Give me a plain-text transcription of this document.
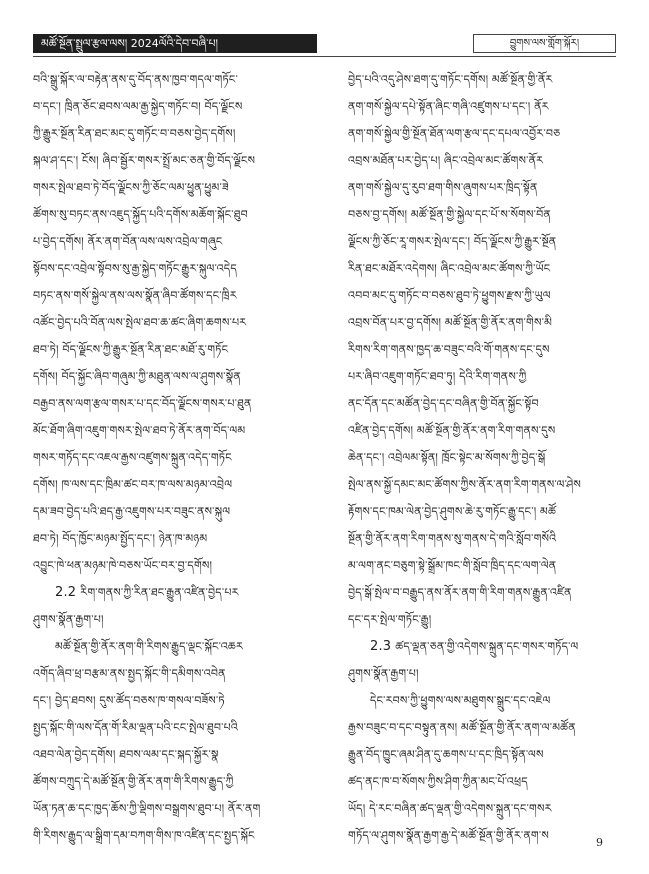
མཚོ་སྔོན་སྤྲུལ་རྩལ་ལས། 2024ལོའི་དེབ་བཞི་པ།	བྱུགས་ལས་གློག་སྐོར།
བའི་སྒྲུ་སྐོར་ལ་བརྟེན་ནས་དུ་བོད་ནས་ཁྱབ་གདལ་གཏོང་
བ་དང་། ཁྲིན་ཅོང་ཐབས་ལམ་རྒྱ་སྐྱེད་གཏོང་བ། བོད་ལྗོངས
ཀྱི་རྒྱུར་སྔོན་རིན་ཐང་མང་དུ་གཏོང་བ་བཅས་བྱེད་དགོས།
སྐལ་ཤ་དང་། ངོས། ཞིབ་སྦྱོར་གསར་སྤྲོ་མང་ཅན་གྱི་བོད་ལྗོངས
གསར་སྤེལ་ཐབ་ཏེ་བོད་ལྗོངས་ཀྱི་ཅོང་ལམ་ཕྱུན་ཕྱུམ་ཟེ
ཚོགས་སུ་བཏང་ནས་འཇུད་སྐྱོད་པའི་དགོས་མཆོག་སྐོང་ཐུབ
པ་བྱེད་དགོས། ནོར་ནག་བོན་ལས་ལས་འབྲེལ་གཞུང
སྟོབས་དང་འབྲེལ་སྟོབས་སུ་རྒྱ་སྐྱེད་གཏོང་རྒྱུར་སྐུལ་འདེད
བཏང་ནས་གསོ་སྐྱེལ་ནས་ལས་སྣོན་ཞིབ་ཚོགས་དང་ཁྲིར
འཚོང་བྱེད་པའི་བོན་ལས་སྤེལ་ཐབ་ཆ་ཚང་ཞིག་ཆགས་པར
ཐབ་ཏེ། བོད་ལྗོངས་ཀྱི་རྒྱུར་སྔོན་རིན་ཐང་མཐོ་རུ་གཏོང
དགོས། བོད་སྐྱོང་ཞིབ་གཞུམ་ཀྱི་མཐུན་ལས་ལ་ཤུགས་སྣོན
བརྒྱབ་ནས་ལག་རྩལ་གསར་པ་དང་བོད་ལྗོངས་གསར་པ་ཐུན
མོང་ཐོག་ཞིག་འཇུག་གསར་སྤེལ་ཐབ་ཏེ་ནོར་ནག་བོད་ལམ
གསར་གཏོད་དང་འཇལ་རྒྱས་འཛུགས་སྐྲུན་འདེད་གཏོང
དགོས། ཁ་ལས་དང་ཁྲིམ་ཚང་བར་ཁ་ལས་མཉམ་འབྲེལ
དམ་ཟབ་བྱེད་པའི་ཐད་རྒྱ་འཇུགས་པར་བཟུང་ནས་སྐུལ
ཐབ་ཏེ། བོད་ཁྱོང་མཉམ་སྤྱོད་དང་། ཉེན་ཁ་མཉམ
འབྱུང་ཁེ་ཕན་མཉམ་ཁེ་བཅས་ཡོང་བར་བྱ་དགོས།
2.2 རིག་གནས་ཀྱི་རིན་ཐང་རྒྱུན་འཛིན་བྱེད་པར
ཤུགས་སྣོན་རྒྱག་པ།
མཚོ་སྔོན་གྱི་ནོར་ནག་གི་རིགས་རྒྱུད་ལྡང་སྐོང་འཆར
འགོད་ཞིབ་ཕྲ་བརྩམ་ནས་སྤྱད་སྐོང་གི་དམིགས་འབེན
དང་། བྱེད་ཐབས། དུས་ཚོད་བཅས་ཁ་གསལ་བཟོས་ཏེ
སྤྱད་སྐོང་གི་ལས་དོན་གོ་རིམ་ལྡན་པའི་ངང་སྤེལ་ཐུབ་པའི
འཐབ་ལེན་བྱེད་དགོས། ཐབས་ལམ་དང་སྐད་སྐྱོར་སྣ
ཚོགས་བཀྲུད་དེ་མཚོ་སྔོན་གྱི་ནོར་ནག་གི་རིགས་རྒྱུད་ཀྱི
ཡོན་ཏན་ཆ་དང་ཁྱད་ཆོས་ཀྱི་ལྡིགས་བསྒྲགས་ཐུབ་པ། ནོར་ནག
གི་རིགས་རྒྱུད་ལ་སྒྲིག་དམ་བཀག་གིས་ཁ་འཛིན་དང་སྤྱད་སྐོང
བྱེད་པའི་འདུ་ཤེས་ཐག་དུ་གཏོང་དགོས། མཚོ་སྔོན་གྱི་ནོར
ནག་གསོ་སྐྱེལ་དཔེ་སྟོན་ཞིང་གཞི་འཛུགས་པ་དང་། ནོར
ནག་གསོ་སྐྱེལ་གྱི་སྔོན་ཐོན་ལག་རྩལ་དང་དཔལ་འབྱོར་བཅ
འབྲས་མཐོན་པར་བྱེད་པ། ཞིང་འབྲེལ་མང་ཚོགས་ནོར
ནག་གསོ་སྐྱེལ་དུ་རུབ་ཐག་གིས་ཞུགས་པར་ཁྲིད་སྟོན
བཅས་བྱ་དགོས། མཚོ་སྔོན་གྱི་སྐྱེལ་དང་པོ་ས་སོགས་བོན
ལྗོངས་ཀྱི་ཅོང་རཱ་གསར་སྤེལ་དང་། བོད་ལྗོངས་ཀྱི་རྒྱུར་སྔོན
རིན་ཐང་མཐོར་འདེགས། ཞིང་འབྲེལ་མང་ཚོགས་ཀྱི་ཡོང
འབབ་མང་དུ་གཏོང་བ་བཅས་ཐུབ་ཏེ་ཕྱུགས་རྫས་ཀྱི་ཡུལ
འབྲས་བོན་པར་བྱ་དགོས། མཚོ་སྔོན་གྱི་ནོར་ནག་གིས་མི
རིགས་རིག་གནས་ཁྱད་ཆ་བཟུང་བའི་གོ་གནས་དང་དུས
པར་ཞིབ་འཇུག་གཏོང་ཐབ་ཏུ། དེའི་རིག་གནས་ཀྱི
ནང་དོན་དང་མཚོན་བྱེད་དང་བཞིན་གྱི་བོན་སྐྱོང་སྟོབ
འཛིན་བྱེད་དགོས། མཚོ་སྔོན་གྱི་ནོར་ནག་རིག་གནས་དུས
ཆེན་དང་། འབྲེལམ་སྟོན། ཁྲོང་སྟེང་མ་སོགས་ཀྱི་བྱེད་སྒོ
སྤེལ་ནས་སྐྱོ་དམང་མང་ཚོགས་ཀྱིས་ནོར་ནག་རིག་གནས་ལ་ཤེས
རྟོགས་དང་ཁམ་ལེན་བྱེད་ཤུགས་ཆེ་རུ་གཏོང་རྒྱུ་དང་། མཚོ
སྔོན་གྱི་ནོར་ནག་རིག་གནས་སུ་གནས་དེ་གའི་སློབ་གསོའི
མ་ལག་ནང་བཅུག་སྟེ་སྒྲོམ་ཁང་གི་སློབ་ཁྲིད་དང་ལག་ལེན
བྱེད་སྒོ་སྤེལ་བ་བརྒྱུད་ནས་ནོར་ནག་གི་རིག་གནས་རྒྱུན་འཛིན
དང་དར་སྤེལ་གཏོང་རྒྱུ།
2.3 ཚད་ལྡན་ཅན་གྱི་འདེགས་སྐྲུན་དང་གསར་གཏོད་ལ
ཤུགས་སྣོན་རྒྱག་པ།
དེང་རབས་ཀྱི་ཕྱུགས་ལས་མཐུགས་སྒྲུང་དང་འཇེལ
རྒྱས་བཟུང་བ་དང་བསྟུན་ནས། མཚོ་སྔོན་གྱི་ནོར་ནག་ལ་མཚོན
རྒྱུན་བོད་ཁྱུང་ཞམ་ཤིན་དུ་ཆགས་པ་དང་ཁྲིད་སྟོན་ལས
ཚད་ནང་ཁ་བ་སོགས་ཀྱིས་ཤིག་ཀྱིན་མང་པོ་འཕྲད
ཡོད། དེ་རང་བཞིན་ཚད་ལྡན་གྱི་འདེགས་སྐྲུན་དང་གསར
གཏོད་ལ་ཤུགས་སྣོན་རྒྱག་རྒྱ་དེ་མཚོ་སྔོན་གྱི་ནོར་ནག་ས
9
